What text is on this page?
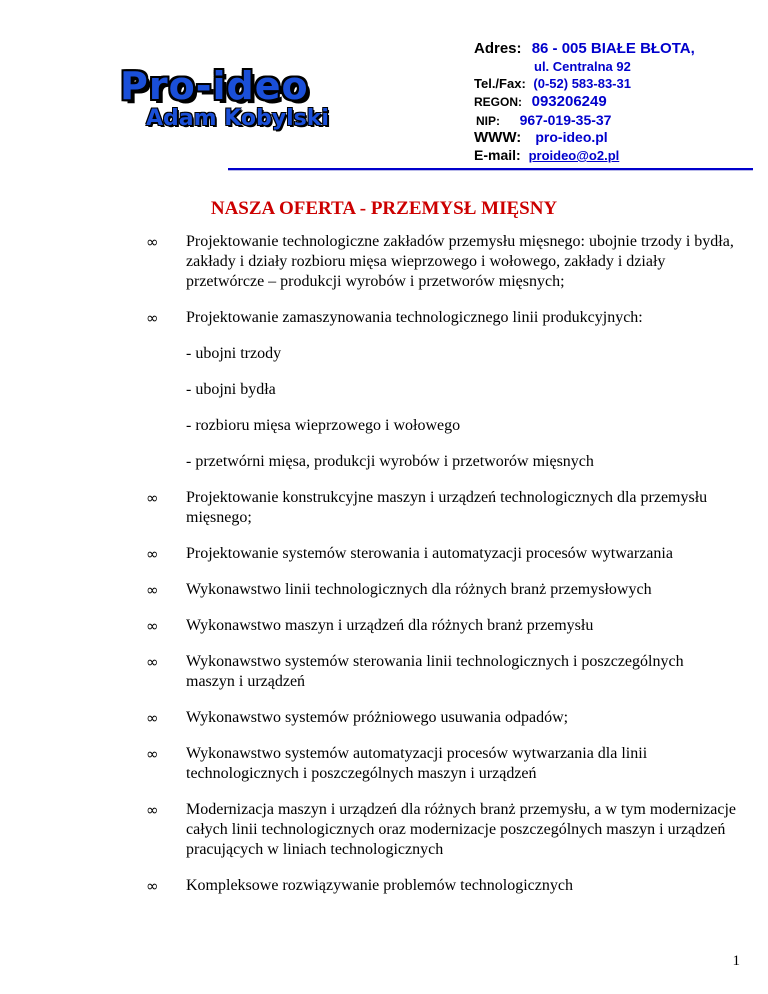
Pro-ideo
Adam Kobylski
Adres: 86 - 005 BIAŁE BŁOTA,
ul. Centralna 92
Tel./Fax: (0-52) 583-83-31
REGON: 093206249
NIP: 967-019-35-37
WWW: pro-ideo.pl
E-mail: proideo@o2.pl
NASZA OFERTA - PRZEMYSŁ MIĘSNY
∞ Projektowanie technologiczne zakładów przemysłu mięsnego: ubojnie trzody i bydła, zakłady i działy rozbioru mięsa wieprzowego i wołowego, zakłady i działy przetwórcze – produkcji wyrobów i przetworów mięsnych;
∞ Projektowanie zamaszynowania technologicznego linii produkcyjnych:
- ubojni trzody
- ubojni bydła
- rozbioru mięsa wieprzowego i wołowego
- przetwórni mięsa, produkcji wyrobów i przetworów mięsnych
∞ Projektowanie konstrukcyjne maszyn i urządzeń technologicznych dla przemysłu mięsnego;
∞ Projektowanie systemów sterowania i automatyzacji procesów wytwarzania
∞ Wykonawstwo linii technologicznych dla różnych branż przemysłowych
∞ Wykonawstwo maszyn i urządzeń dla różnych branż przemysłu
∞ Wykonawstwo systemów sterowania linii technologicznych i poszczególnych maszyn i urządzeń
∞ Wykonawstwo systemów próżniowego usuwania odpadów;
∞ Wykonawstwo systemów automatyzacji procesów wytwarzania dla linii technologicznych i poszczególnych maszyn i urządzeń
∞ Modernizacja maszyn i urządzeń dla różnych branż przemysłu, a w tym modernizacje całych linii technologicznych oraz modernizacje poszczególnych maszyn i urządzeń pracujących w liniach technologicznych
∞ Kompleksowe rozwiązywanie problemów technologicznych
1
